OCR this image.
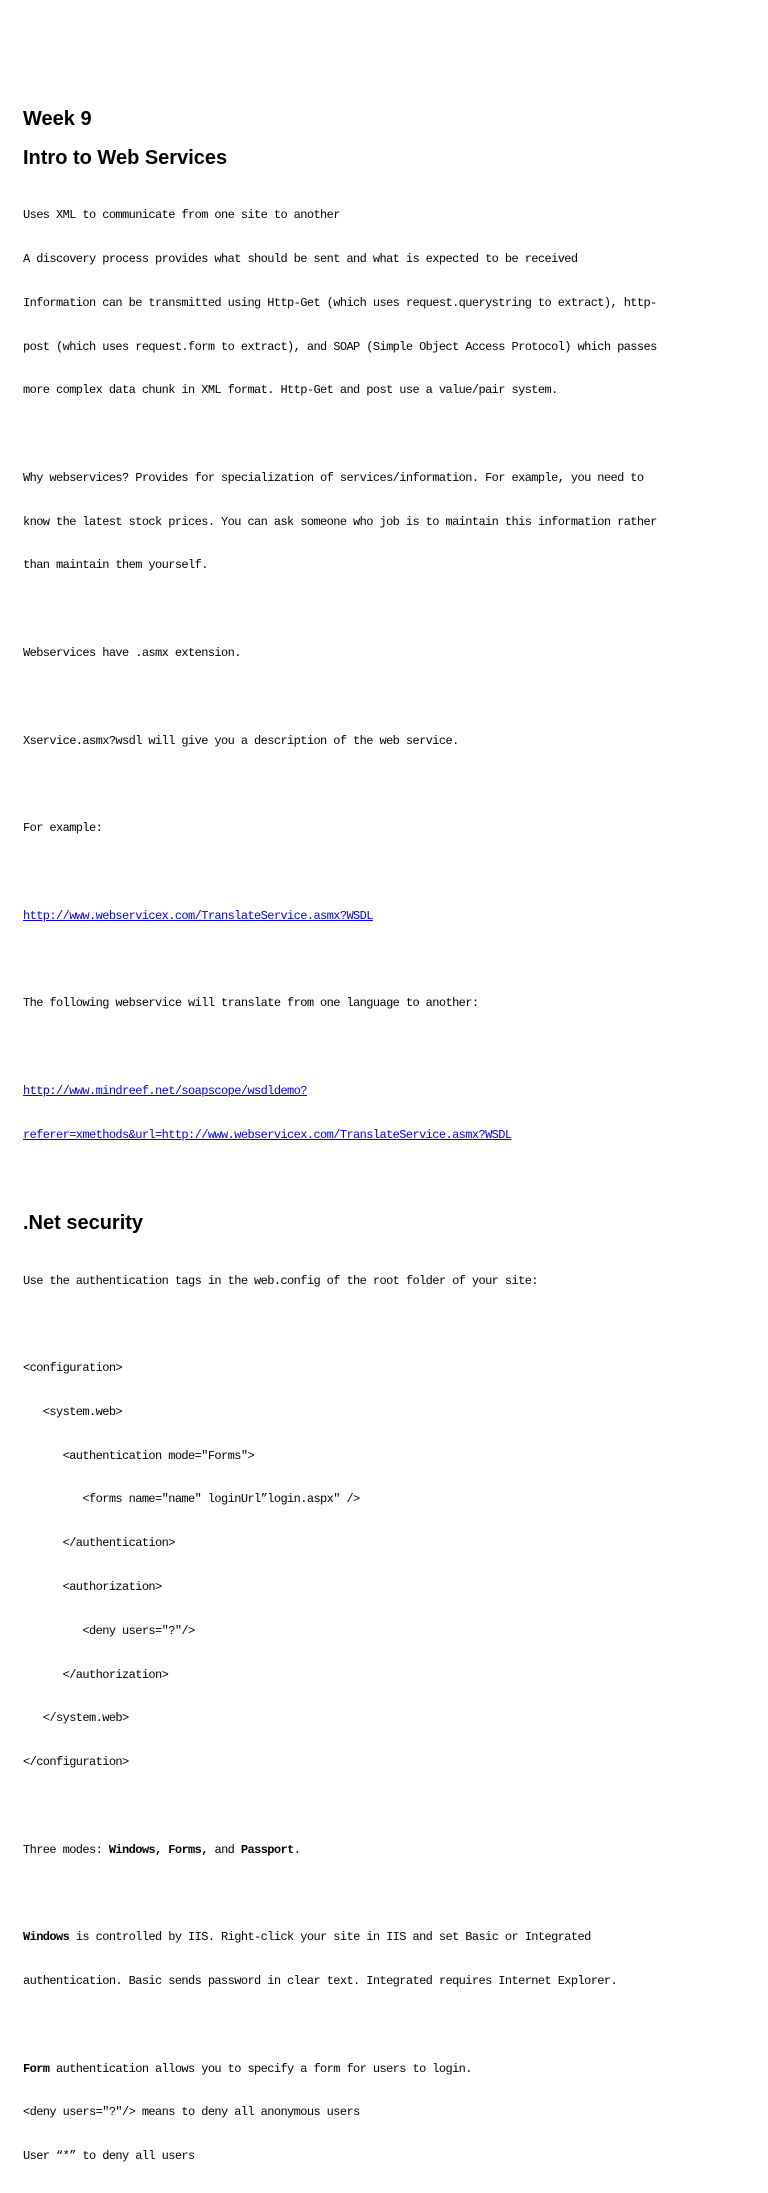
Week 9
Intro to Web Services

Uses XML to communicate from one site to another

A discovery process provides what should be sent and what is expected to be received

Information can be transmitted using Http-Get (which uses request.querystring to extract), http-

post (which uses request.form to extract), and SOAP (Simple Object Access Protocol) which passes

more complex data chunk in XML format. Http-Get and post use a value/pair system.

Why webservices? Provides for specialization of services/information. For example, you need to

know the latest stock prices. You can ask someone who job is to maintain this information rather

than maintain them yourself.

Webservices have .asmx extension.

Xservice.asmx?wsdl will give you a description of the web service.

For example:

http://www.webservicex.com/TranslateService.asmx?WSDL

The following webservice will translate from one language to another:

http://www.mindreef.net/soapscope/wsdldemo?

referer=xmethods&url=http://www.webservicex.com/TranslateService.asmx?WSDL

.Net security

Use the authentication tags in the web.config of the root folder of your site:

<configuration>

<system.web>

<authentication mode="Forms">

<forms name="name" loginUrl”login.aspx" />

</authentication>

<authorization>

<deny users="?"/>

</authorization>

</system.web>

</configuration>

Three modes: Windows, Forms, and Passport.

Windows is controlled by IIS. Right-click your site in IIS and set Basic or Integrated

authentication. Basic sends password in clear text. Integrated requires Internet Explorer.

Form authentication allows you to specify a form for users to login.

<deny users="?"/> means to deny all anonymous users

User “*” to deny all users
